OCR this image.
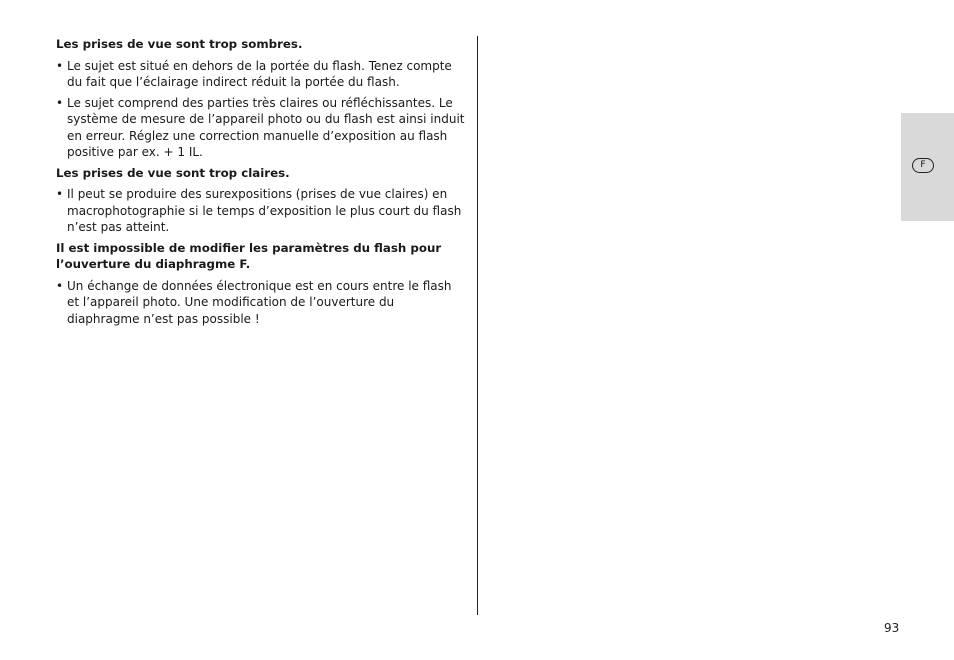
Les prises de vue sont trop sombres.

• Le sujet est situé en dehors de la portée du flash. Tenez compte du fait que l’éclairage indirect réduit la portée du flash.
• Le sujet comprend des parties très claires ou réfléchissantes. Le système de mesure de l’appareil photo ou du flash est ainsi induit en erreur. Réglez une correction manuelle d’exposition au flash positive par ex. + 1 IL.

Les prises de vue sont trop claires.

• Il peut se produire des surexpositions (prises de vue claires) en macrophotographie si le temps d’exposition le plus court du flash n’est pas atteint.

Il est impossible de modifier les paramètres du flash pour l’ouverture du diaphragme F.

• Un échange de données électronique est en cours entre le flash et l’appareil photo. Une modification de l’ouverture du diaphragme n’est pas possible !
F
93
